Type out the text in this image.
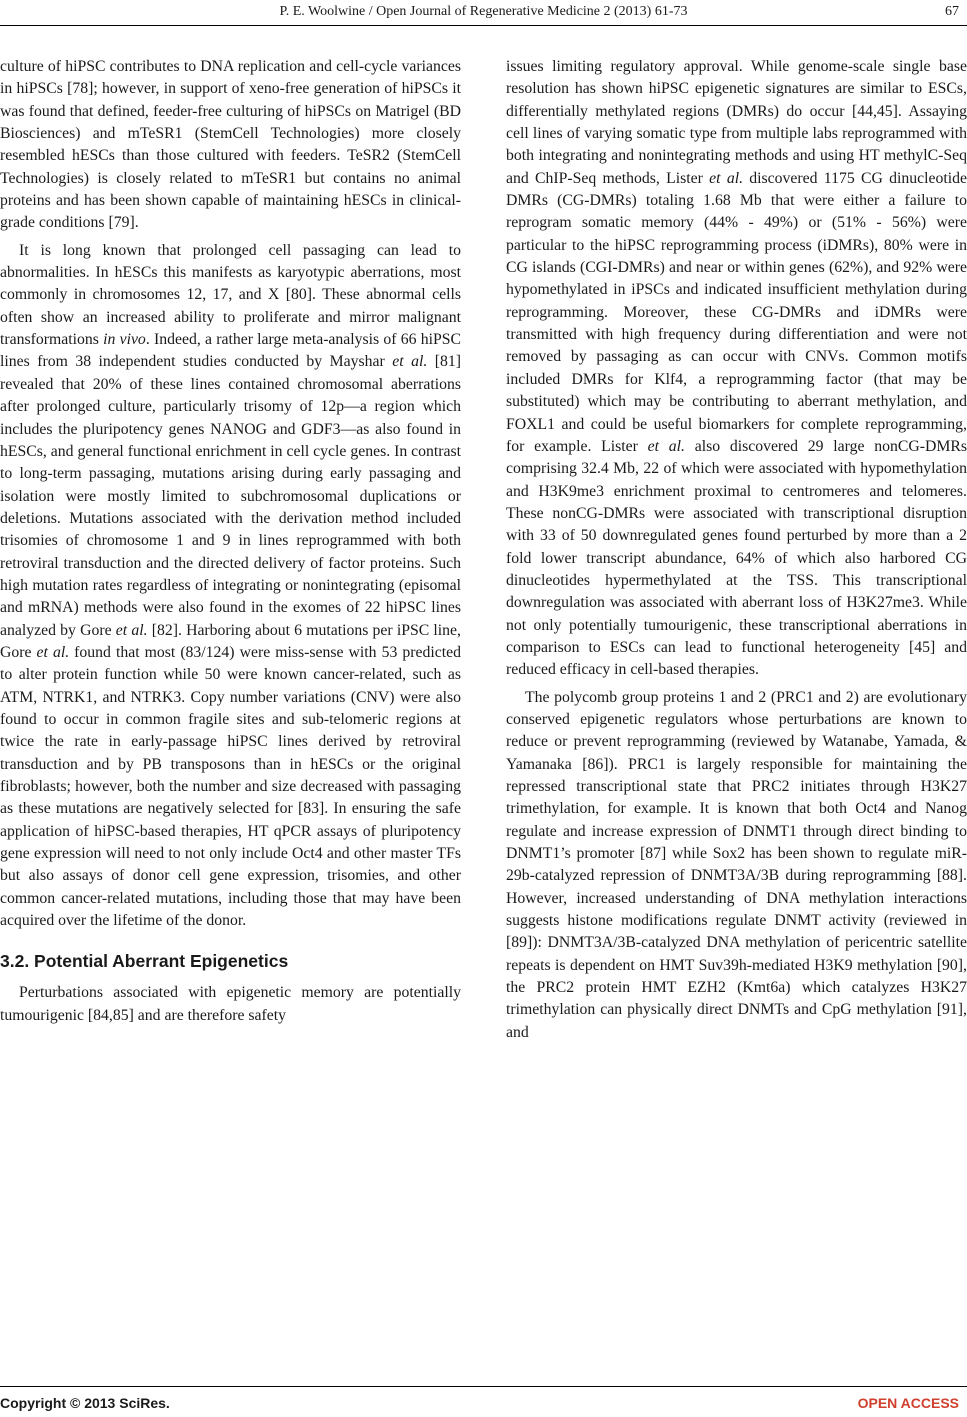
P. E. Woolwine / Open Journal of Regenerative Medicine 2 (2013) 61-73	67

culture of hiPSC contributes to DNA replication and cell-cycle variances in hiPSCs [78]; however, in support of xeno-free generation of hiPSCs it was found that defined, feeder-free culturing of hiPSCs on Matrigel (BD Biosciences) and mTeSR1 (StemCell Technologies) more closely resembled hESCs than those cultured with feeders. TeSR2 (StemCell Technologies) is closely related to mTeSR1 but contains no animal proteins and has been shown capable of maintaining hESCs in clinical-grade conditions [79].

It is long known that prolonged cell passaging can lead to abnormalities. In hESCs this manifests as karyotypic aberrations, most commonly in chromosomes 12, 17, and X [80]. These abnormal cells often show an increased ability to proliferate and mirror malignant transformations in vivo. Indeed, a rather large meta-analysis of 66 hiPSC lines from 38 independent studies conducted by Mayshar et al. [81] revealed that 20% of these lines contained chromosomal aberrations after prolonged culture, particularly trisomy of 12p—a region which includes the pluripotency genes NANOG and GDF3—as also found in hESCs, and general functional enrichment in cell cycle genes. In contrast to long-term passaging, mutations arising during early passaging and isolation were mostly limited to subchromosomal duplications or deletions. Mutations associated with the derivation method included trisomies of chromosome 1 and 9 in lines reprogrammed with both retroviral transduction and the directed delivery of factor proteins. Such high mutation rates regardless of integrating or nonintegrating (episomal and mRNA) methods were also found in the exomes of 22 hiPSC lines analyzed by Gore et al. [82]. Harboring about 6 mutations per iPSC line, Gore et al. found that most (83/124) were miss-sense with 53 predicted to alter protein function while 50 were known cancer-related, such as ATM, NTRK1, and NTRK3. Copy number variations (CNV) were also found to occur in common fragile sites and sub-telomeric regions at twice the rate in early-passage hiPSC lines derived by retroviral transduction and by PB transposons than in hESCs or the original fibroblasts; however, both the number and size decreased with passaging as these mutations are negatively selected for [83]. In ensuring the safe application of hiPSC-based therapies, HT qPCR assays of pluripotency gene expression will need to not only include Oct4 and other master TFs but also assays of donor cell gene expression, trisomies, and other common cancer-related mutations, including those that may have been acquired over the lifetime of the donor.

3.2. Potential Aberrant Epigenetics

Perturbations associated with epigenetic memory are potentially tumourigenic [84,85] and are therefore safety

issues limiting regulatory approval. While genome-scale single base resolution has shown hiPSC epigenetic signatures are similar to ESCs, differentially methylated regions (DMRs) do occur [44,45]. Assaying cell lines of varying somatic type from multiple labs reprogrammed with both integrating and nonintegrating methods and using HT methylC-Seq and ChIP-Seq methods, Lister et al. discovered 1175 CG dinucleotide DMRs (CG-DMRs) totaling 1.68 Mb that were either a failure to reprogram somatic memory (44% - 49%) or (51% - 56%) were particular to the hiPSC reprogramming process (iDMRs), 80% were in CG islands (CGI-DMRs) and near or within genes (62%), and 92% were hypomethylated in iPSCs and indicated insufficient methylation during reprogramming. Moreover, these CG-DMRs and iDMRs were transmitted with high frequency during differentiation and were not removed by passaging as can occur with CNVs. Common motifs included DMRs for Klf4, a reprogramming factor (that may be substituted) which may be contributing to aberrant methylation, and FOXL1 and could be useful biomarkers for complete reprogramming, for example. Lister et al. also discovered 29 large nonCG-DMRs comprising 32.4 Mb, 22 of which were associated with hypomethylation and H3K9me3 enrichment proximal to centromeres and telomeres. These nonCG-DMRs were associated with transcriptional disruption with 33 of 50 downregulated genes found perturbed by more than a 2 fold lower transcript abundance, 64% of which also harbored CG dinucleotides hypermethylated at the TSS. This transcriptional downregulation was associated with aberrant loss of H3K27me3. While not only potentially tumourigenic, these transcriptional aberrations in comparison to ESCs can lead to functional heterogeneity [45] and reduced efficacy in cell-based therapies.

The polycomb group proteins 1 and 2 (PRC1 and 2) are evolutionary conserved epigenetic regulators whose perturbations are known to reduce or prevent reprogramming (reviewed by Watanabe, Yamada, & Yamanaka [86]). PRC1 is largely responsible for maintaining the repressed transcriptional state that PRC2 initiates through H3K27 trimethylation, for example. It is known that both Oct4 and Nanog regulate and increase expression of DNMT1 through direct binding to DNMT1’s promoter [87] while Sox2 has been shown to regulate miR-29b-catalyzed repression of DNMT3A/3B during reprogramming [88]. However, increased understanding of DNA methylation interactions suggests histone modifications regulate DNMT activity (reviewed in [89]): DNMT3A/3B-catalyzed DNA methylation of pericentric satellite repeats is dependent on HMT Suv39h-mediated H3K9 methylation [90], the PRC2 protein HMT EZH2 (Kmt6a) which catalyzes H3K27 trimethylation can physically direct DNMTs and CpG methylation [91], and

Copyright © 2013 SciRes.	OPEN ACCESS
